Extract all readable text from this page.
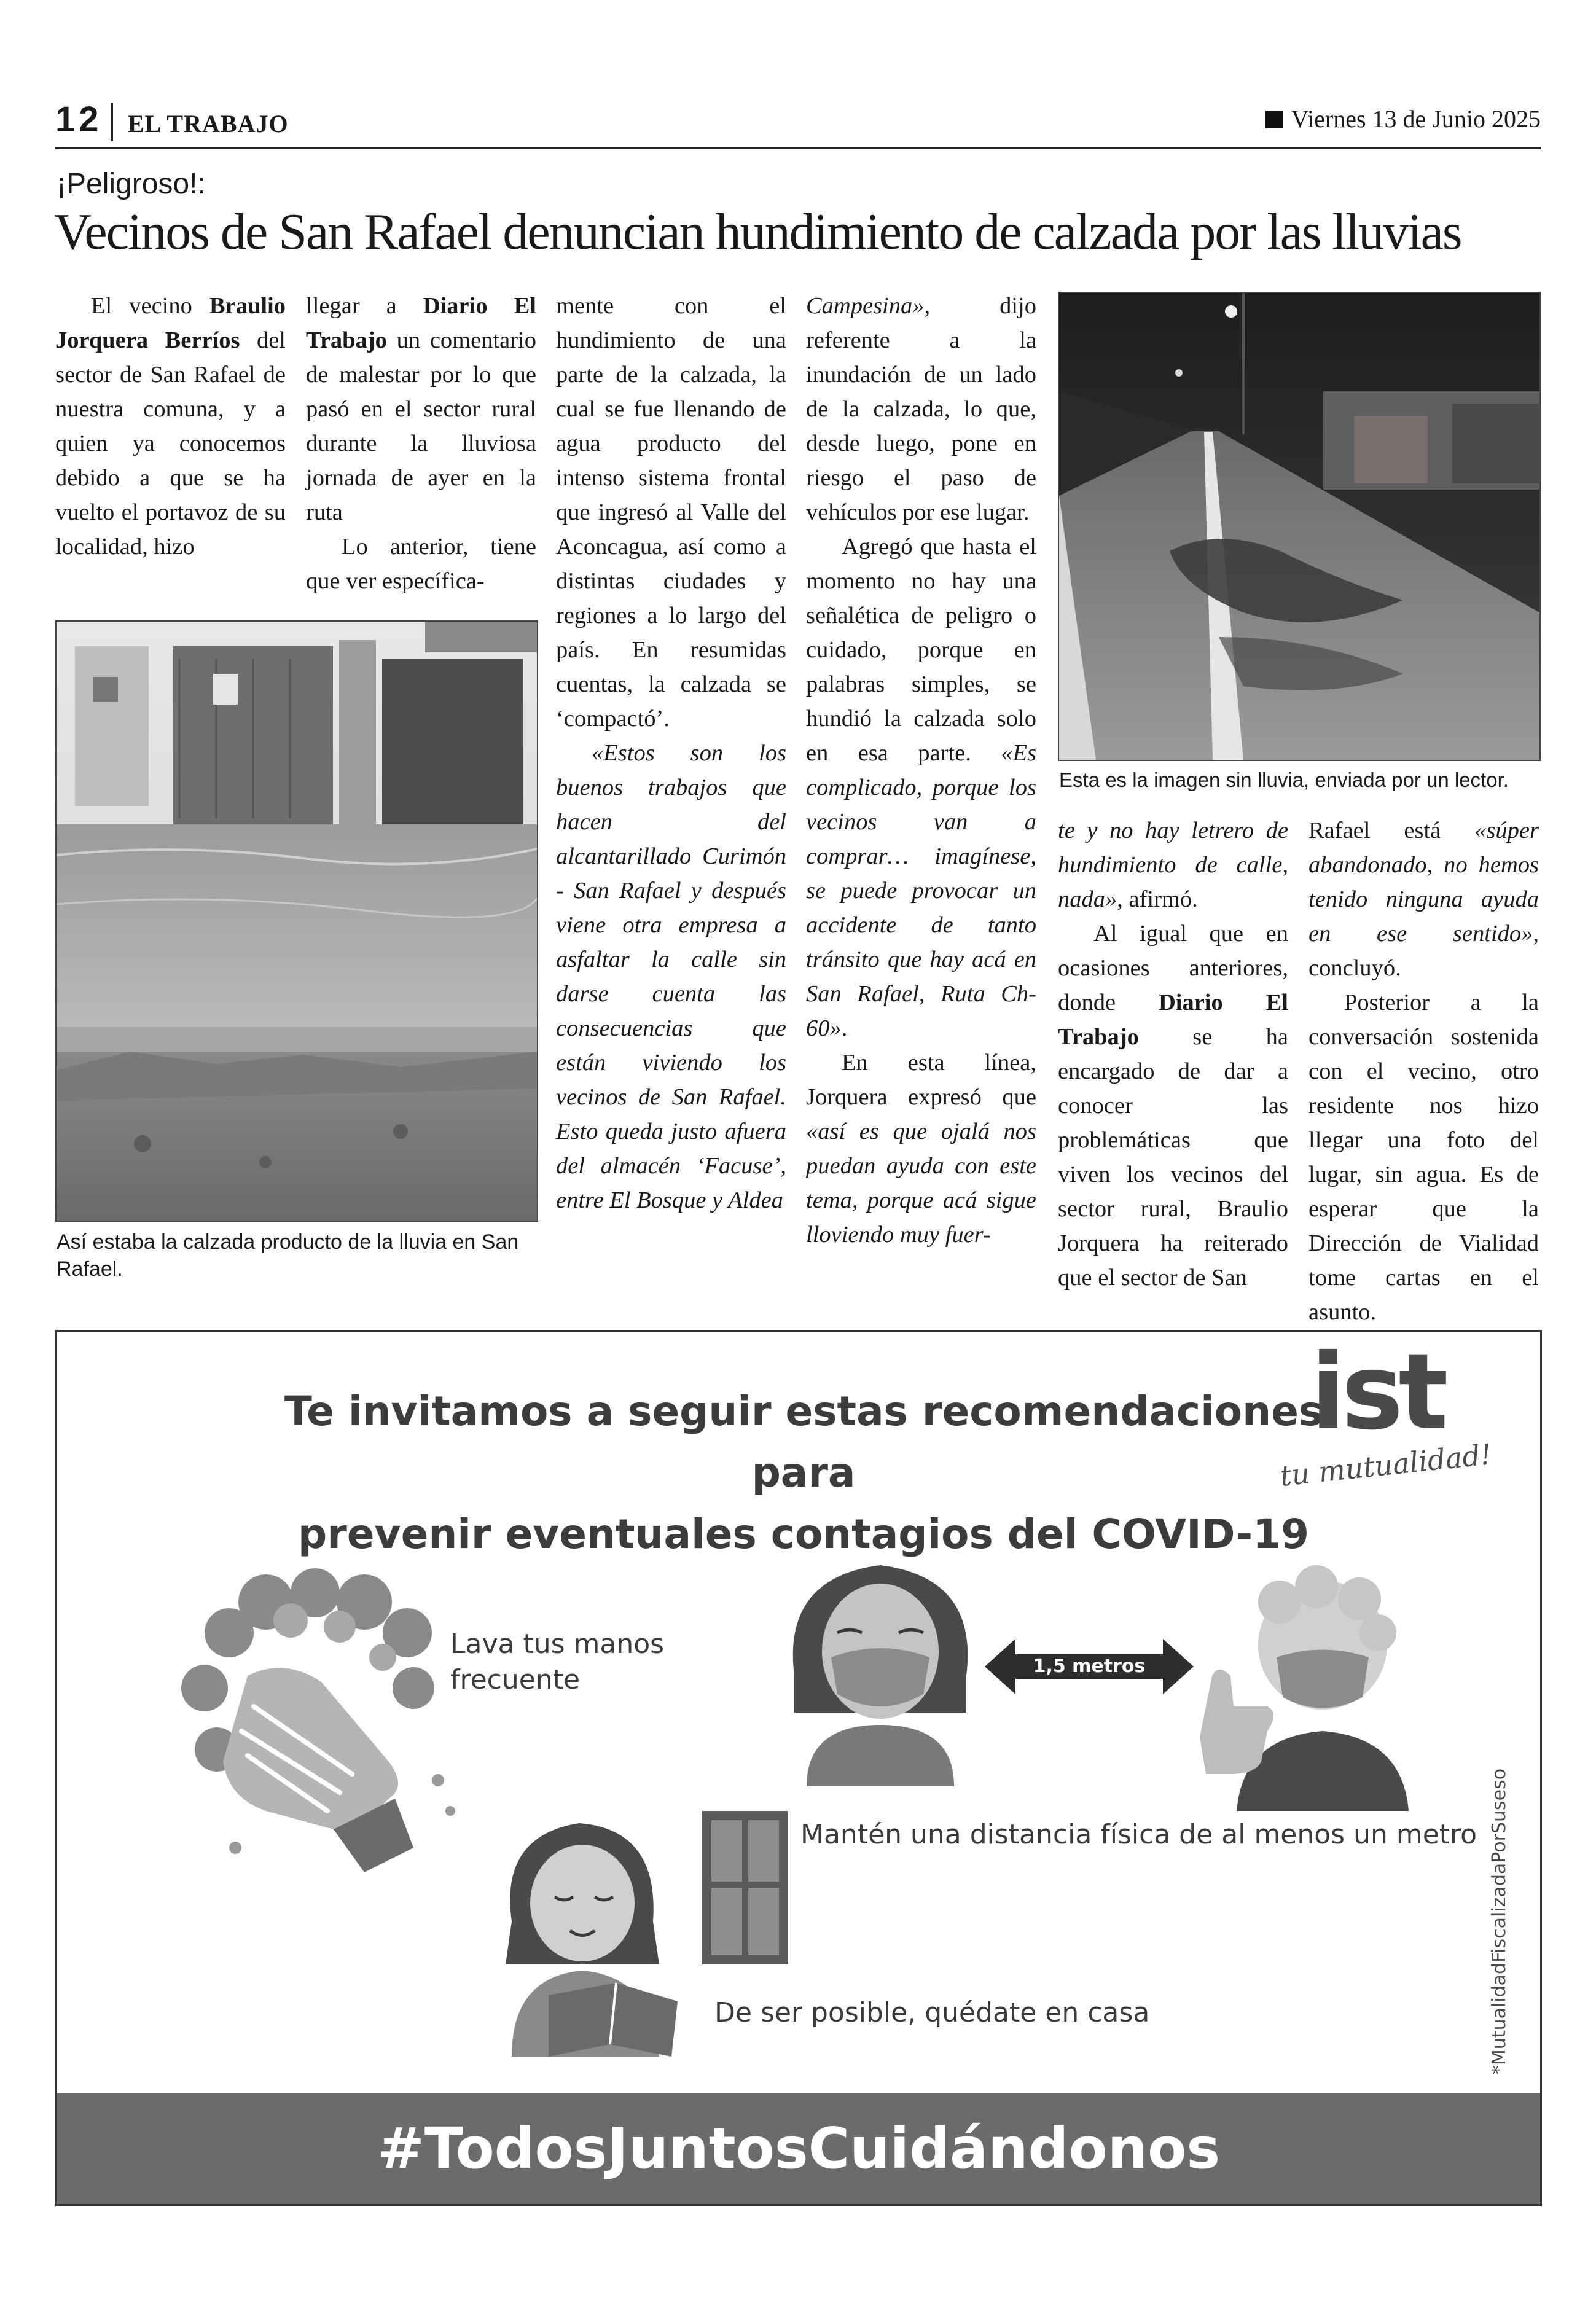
12 EL TRABAJO	Viernes 13 de Junio 2025
¡Peligroso!:
Vecinos de San Rafael denuncian hundimiento de calzada por las lluvias

El vecino Braulio Jorquera Berríos del sector de San Rafael de nuestra comuna, y a quien ya conocemos debido a que se ha vuelto el portavoz de su localidad, hizo

llegar a Diario El Trabajo un comentario de malestar por lo que pasó en el sector rural durante la lluviosa jornada de ayer en la ruta

Lo anterior, tiene que ver específica-

Así estaba la calzada producto de la lluvia en San Rafael.

mente con el hundimiento de una parte de la calzada, la cual se fue llenando de agua producto del intenso sistema frontal que ingresó al Valle del Aconcagua, así como a distintas ciudades y regiones a lo largo del país. En resumidas cuentas, la calzada se ‘compactó’.

«Estos son los buenos trabajos que hacen del alcantarillado Curimón - San Rafael y después viene otra empresa a asfaltar la calle sin darse cuenta las consecuencias que están viviendo los vecinos de San Rafael. Esto queda justo afuera del almacén ‘Facuse’, entre El Bosque y Aldea

Campesina», dijo referente a la inundación de un lado de la calzada, lo que, desde luego, pone en riesgo el paso de vehículos por ese lugar.

Agregó que hasta el momento no hay una señalética de peligro o cuidado, porque en palabras simples, se hundió la calzada solo en esa parte. «Es complicado, porque los vecinos van a comprar… imagínese, se puede provocar un accidente de tanto tránsito que hay acá en San Rafael, Ruta Ch-60».

En esta línea, Jorquera expresó que «así es que ojalá nos puedan ayuda con este tema, porque acá sigue lloviendo muy fuer-

Esta es la imagen sin lluvia, enviada por un lector.

te y no hay letrero de hundimiento de calle, nada», afirmó.

Al igual que en ocasiones anteriores, donde Diario El Trabajo se ha encargado de dar a conocer las problemáticas que viven los vecinos del sector rural, Braulio Jorquera ha reiterado que el sector de San

Rafael está «súper abandonado, no hemos tenido ninguna ayuda en ese sentido», concluyó.

Posterior a la conversación sostenida con el vecino, otro residente nos hizo llegar una foto del lugar, sin agua. Es de esperar que la Dirección de Vialidad tome cartas en el asunto.

Te invitamos a seguir estas recomendaciones para
prevenir eventuales contagios del COVID-19
ist
tu mutualidad!
Lava tus manos
frecuente	1,5 metros
Mantén una distancia física de al menos un metro
De ser posible, quédate en casa	*MutualidadFiscalizadaPorSuseso
#TodosJuntosCuidándonos
